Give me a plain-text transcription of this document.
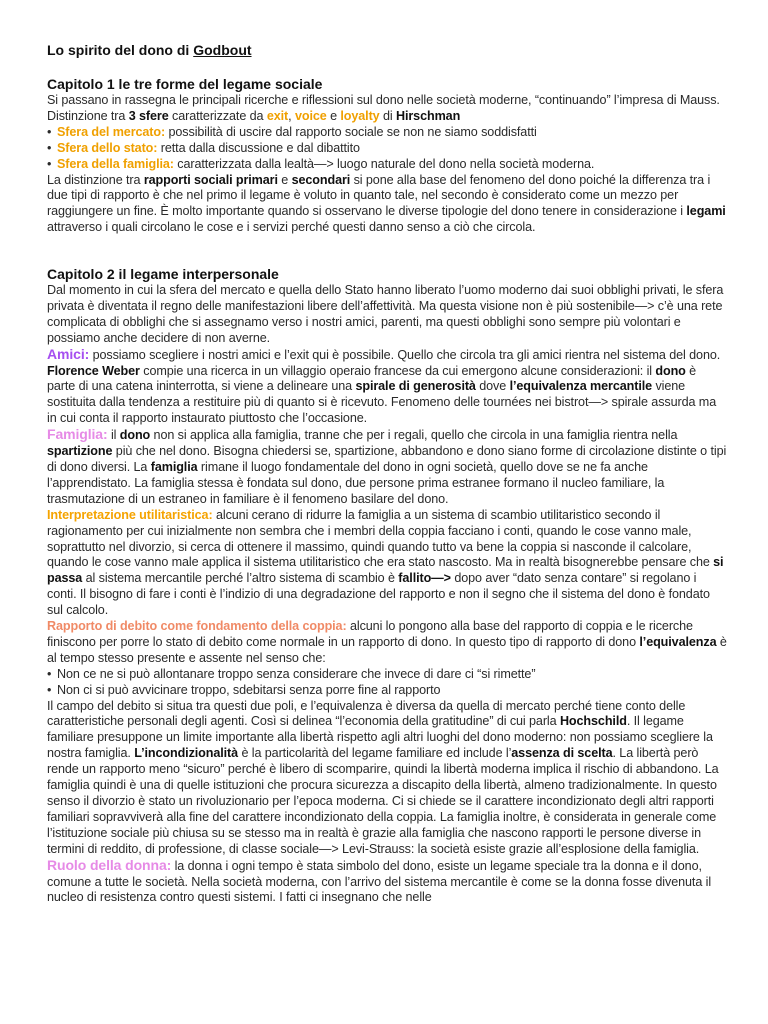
Lo spirito del dono di Godbout
Capitolo 1 le tre forme del legame sociale

Si passano in rassegna le principali ricerche e riflessioni sul dono nelle società moderne, “continuando” l’impresa di Mauss. Distinzione tra 3 sfere caratterizzate da exit, voice e loyalty di Hirschman

• Sfera del mercato: possibilità di uscire dal rapporto sociale se non ne siamo soddisfatti
• Sfera dello stato: retta dalla discussione e dal dibattito
• Sfera della famiglia: caratterizzata dalla lealtà—> luogo naturale del dono nella società moderna.

La distinzione tra rapporti sociali primari e secondari si pone alla base del fenomeno del dono poiché la differenza tra i due tipi di rapporto è che nel primo il legame è voluto in quanto tale, nel secondo è considerato come un mezzo per raggiungere un fine. È molto importante quando si osservano le diverse tipologie del dono tenere in considerazione i legami attraverso i quali circolano le cose e i servizi perché questi danno senso a ciò che circola.

Capitolo 2 il legame interpersonale

Dal momento in cui la sfera del mercato e quella dello Stato hanno liberato l’uomo moderno dai suoi obblighi privati, le sfera privata è diventata il regno delle manifestazioni libere dell’affettività. Ma questa visione non è più sostenibile—> c’è una rete complicata di obblighi che si assegnamo verso i nostri amici, parenti, ma questi obblighi sono sempre più volontari e possiamo anche decidere di non averne.

Amici: possiamo scegliere i nostri amici e l’exit qui è possibile. Quello che circola tra gli amici rientra nel sistema del dono. Florence Weber compie una ricerca in un villaggio operaio francese da cui emergono alcune considerazioni: il dono è parte di una catena ininterrotta, si viene a delineare una spirale di generosità dove l’equivalenza mercantile viene sostituita dalla tendenza a restituire più di quanto si è ricevuto. Fenomeno delle tournées nei bistrot—> spirale assurda ma in cui conta il rapporto instaurato piuttosto che l’occasione.

Famiglia: il dono non si applica alla famiglia, tranne che per i regali, quello che circola in una famiglia rientra nella spartizione più che nel dono. Bisogna chiedersi se, spartizione, abbandono e dono siano forme di circolazione distinte o tipi di dono diversi. La famiglia rimane il luogo fondamentale del dono in ogni società, quello dove se ne fa anche l’apprendistato. La famiglia stessa è fondata sul dono, due persone prima estranee formano il nucleo familiare, la trasmutazione di un estraneo in familiare è il fenomeno basilare del dono.

Interpretazione utilitaristica: alcuni cerano di ridurre la famiglia a un sistema di scambio utilitaristico secondo il ragionamento per cui inizialmente non sembra che i membri della coppia facciano i conti, quando le cose vanno male, soprattutto nel divorzio, si cerca di ottenere il massimo, quindi quando tutto va bene la coppia si nasconde il calcolare, quando le cose vanno male applica il sistema utilitaristico che era stato nascosto. Ma in realtà bisognerebbe pensare che si passa al sistema mercantile perché l’altro sistema di scambio è fallito—> dopo aver “dato senza contare” si regolano i conti. Il bisogno di fare i conti è l’indizio di una degradazione del rapporto e non il segno che il sistema del dono è fondato sul calcolo.

Rapporto di debito come fondamento della coppia: alcuni lo pongono alla base del rapporto di coppia e le ricerche finiscono per porre lo stato di debito come normale in un rapporto di dono. In questo tipo di rapporto di dono l’equivalenza è al tempo stesso presente e assente nel senso che:

• Non ce ne si può allontanare troppo senza considerare che invece di dare ci “si rimette”
• Non ci si può avvicinare troppo, sdebitarsi senza porre fine al rapporto

Il campo del debito si situa tra questi due poli, e l’equivalenza è diversa da quella di mercato perché tiene conto delle caratteristiche personali degli agenti. Così si delinea “l’economia della gratitudine” di cui parla Hochschild. Il legame familiare presuppone un limite importante alla libertà rispetto agli altri luoghi del dono moderno: non possiamo scegliere la nostra famiglia. L’incondizionalità è la particolarità del legame familiare ed include l’assenza di scelta. La libertà però rende un rapporto meno “sicuro” perché è libero di scomparire, quindi la libertà moderna implica il rischio di abbandono. La famiglia quindi è una di quelle istituzioni che procura sicurezza a discapito della libertà, almeno tradizionalmente. In questo senso il divorzio è stato un rivoluzionario per l’epoca moderna. Ci si chiede se il carattere incondizionato degli altri rapporti familiari sopravviverà alla fine del carattere incondizionato della coppia. La famiglia inoltre, è considerata in generale come l’istituzione sociale più chiusa su se stesso ma in realtà è grazie alla famiglia che nascono rapporti le persone diverse in termini di reddito, di professione, di classe sociale—> Levi-Strauss: la società esiste grazie all’esplosione della famiglia.

Ruolo della donna: la donna i ogni tempo è stata simbolo del dono, esiste un legame speciale tra la donna e il dono, comune a tutte le società. Nella società moderna, con l’arrivo del sistema mercantile è come se la donna fosse divenuta il nucleo di resistenza contro questi sistemi. I fatti ci insegnano che nelle
